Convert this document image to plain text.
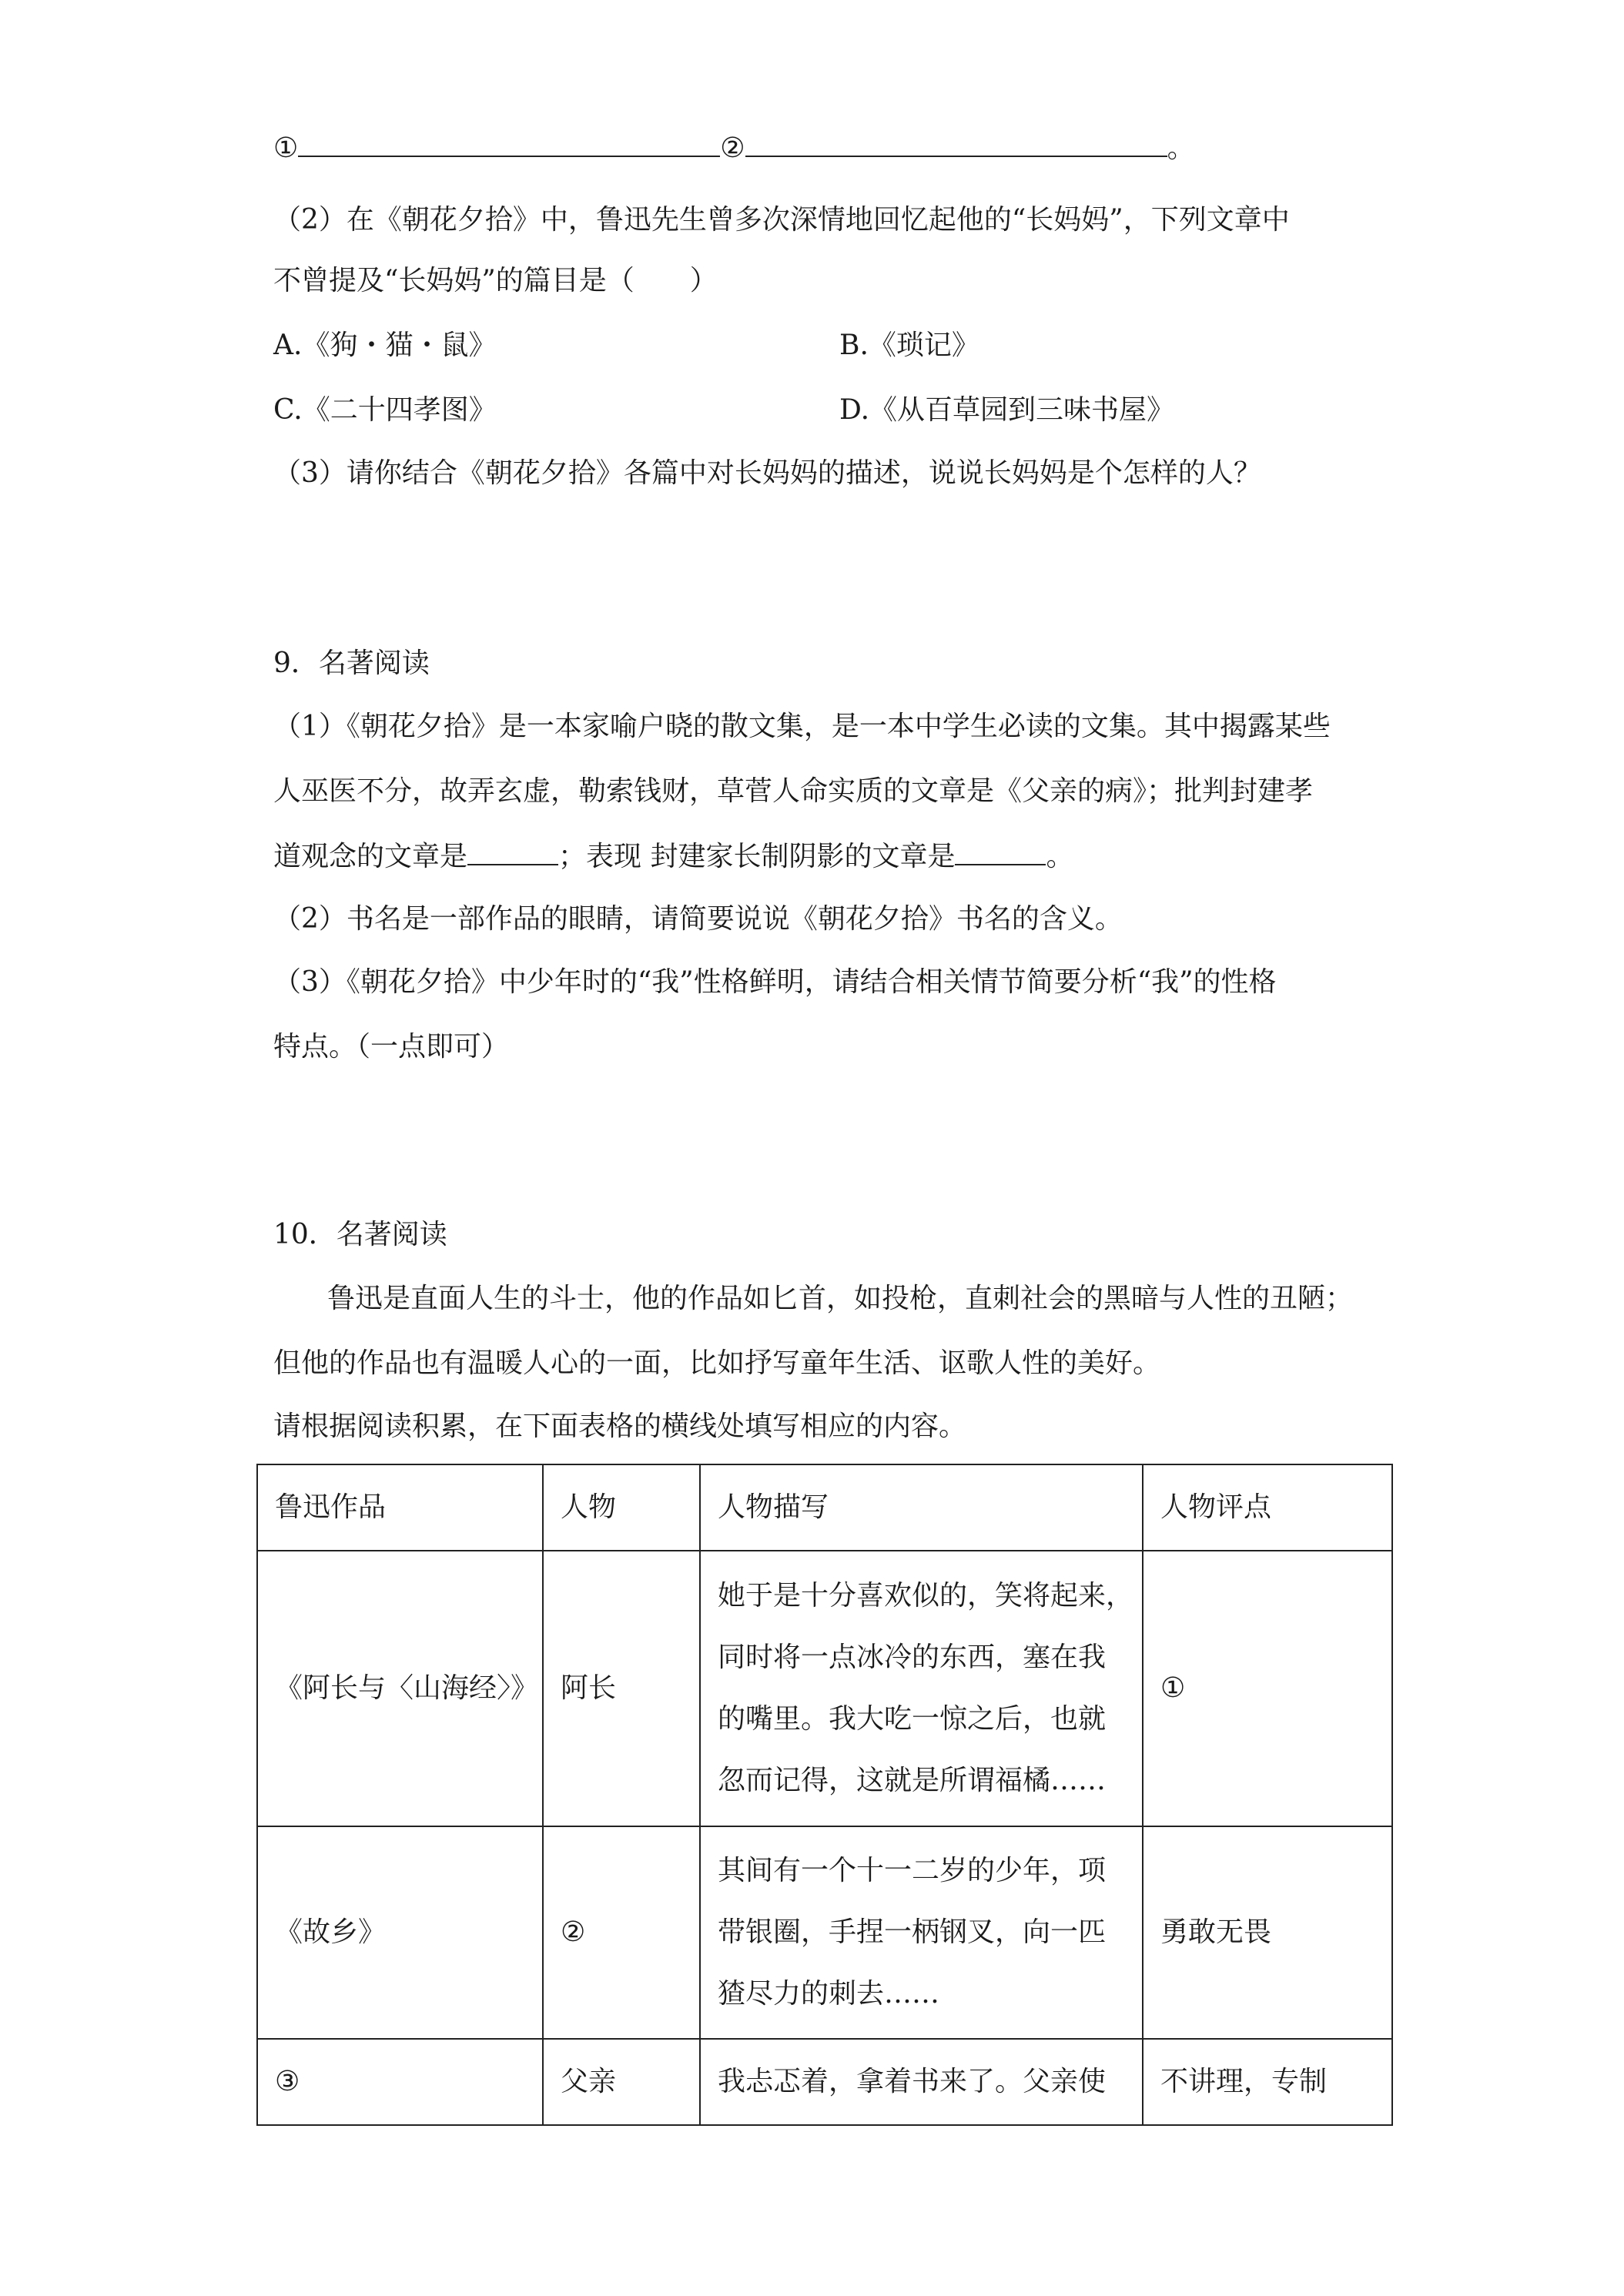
①	②	。
（2）在《朝花夕拾》中，鲁迅先生曾多次深情地回忆起他的“长妈妈”，下列文章中
不曾提及“长妈妈”的篇目是（　　）
A.《狗・猫・鼠》	B.《琐记》
C.《二十四孝图》	D.《从百草园到三味书屋》
（3）请你结合《朝花夕拾》各篇中对长妈妈的描述，说说长妈妈是个怎样的人？
9．名著阅读
（1）《朝花夕拾》是一本家喻户晓的散文集，是一本中学生必读的文集。其中揭露某些
人巫医不分，故弄玄虚，勒索钱财，草菅人命实质的文章是《父亲的病》；批判封建孝
道观念的文章是	；表现 封建家长制阴影的文章是	。
（2）书名是一部作品的眼睛，请简要说说《朝花夕拾》书名的含义。
（3）《朝花夕拾》中少年时的“我”性格鲜明，请结合相关情节简要分析“我”的性格
特点。（一点即可）
10．名著阅读
鲁迅是直面人生的斗士，他的作品如匕首，如投枪，直刺社会的黑暗与人性的丑陋；
但他的作品也有温暖人心的一面，比如抒写童年生活、讴歌人性的美好。
请根据阅读积累，在下面表格的横线处填写相应的内容。
鲁迅作品	人物	人物描写	人物评点
《阿长与〈山海经〉》	阿长	她于是十分喜欢似的，笑将起来，
同时将一点冰冷的东西，塞在我
的嘴里。我大吃一惊之后，也就
忽而记得，这就是所谓福橘……	①
《故乡》	②	其间有一个十一二岁的少年，项
带银圈，手捏一柄钢叉，向一匹
猹尽力的刺去……	勇敢无畏
③	父亲	我忐忑着，拿着书来了。父亲使	不讲理，专制
